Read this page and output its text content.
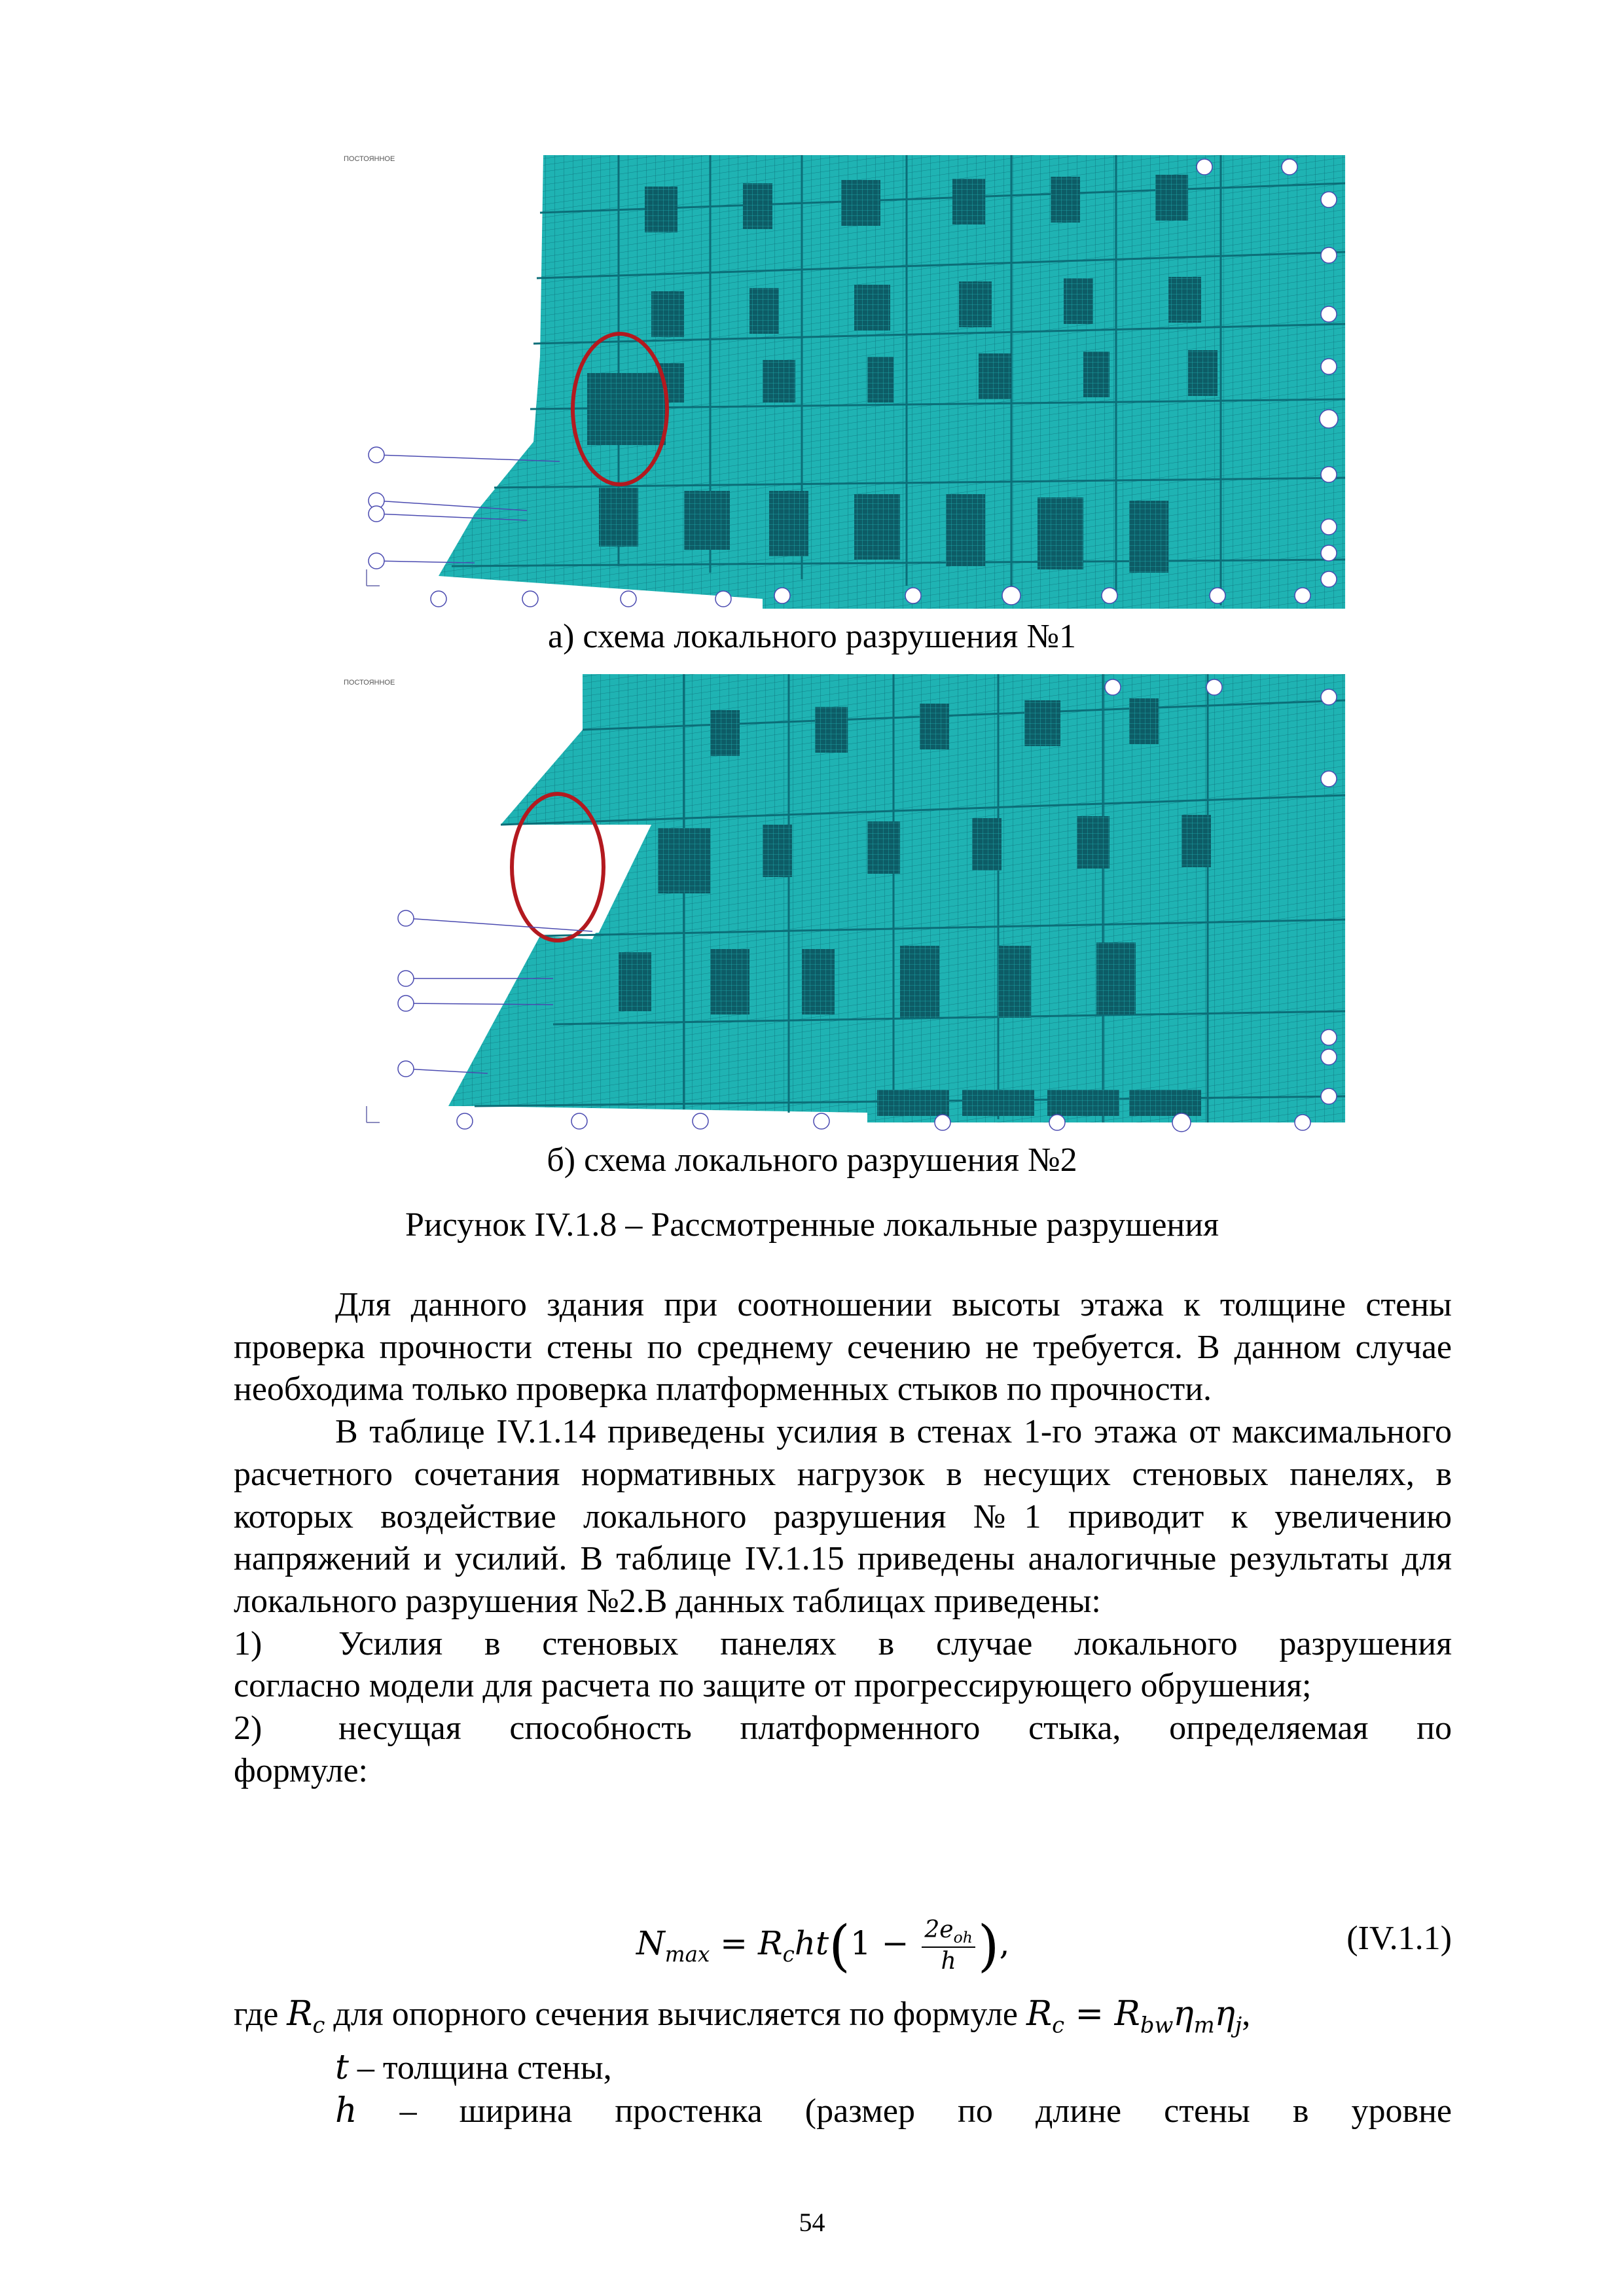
ПОСТОЯННОЕ
а) схема локального разрушения №1
ПОСТОЯННОЕ
б) схема локального разрушения №2
Рисунок IV.1.8 – Рассмотренные локальные разрушения

Для данного здания при соотношении высоты этажа к толщине стены проверка прочности стены по среднему сечению не требуется. В данном случае необходима только проверка платформенных стыков по прочности.

В таблице IV.1.14 приведены усилия в стенах 1-го этажа от максимального расчетного сочетания нормативных нагрузок в несущих стеновых панелях, в которых воздействие локального разрушения №1 приводит к увеличению напряжений и усилий. В таблице IV.1.15 приведены аналогичные результаты для локального разрушения №2.В данных таблицах приведены:

1)	Усилия в стеновых панелях в случае локального разрушения

согласно модели для расчета по защите от прогрессирующего обрушения;

2)	несущая способность платформенного стыка, определяемая по

формуле:

$N_{max} = R_cht(1 - \frac{2e_{oh}}{h}$ ),	(IV.1.1)

где $R_c$ для опорного сечения вычисляется по формуле $R_c = R_{bw}\eta_m\eta_j$,

t – толщина стены,

h – ширина простенка (размер по длине стены в уровне

54
